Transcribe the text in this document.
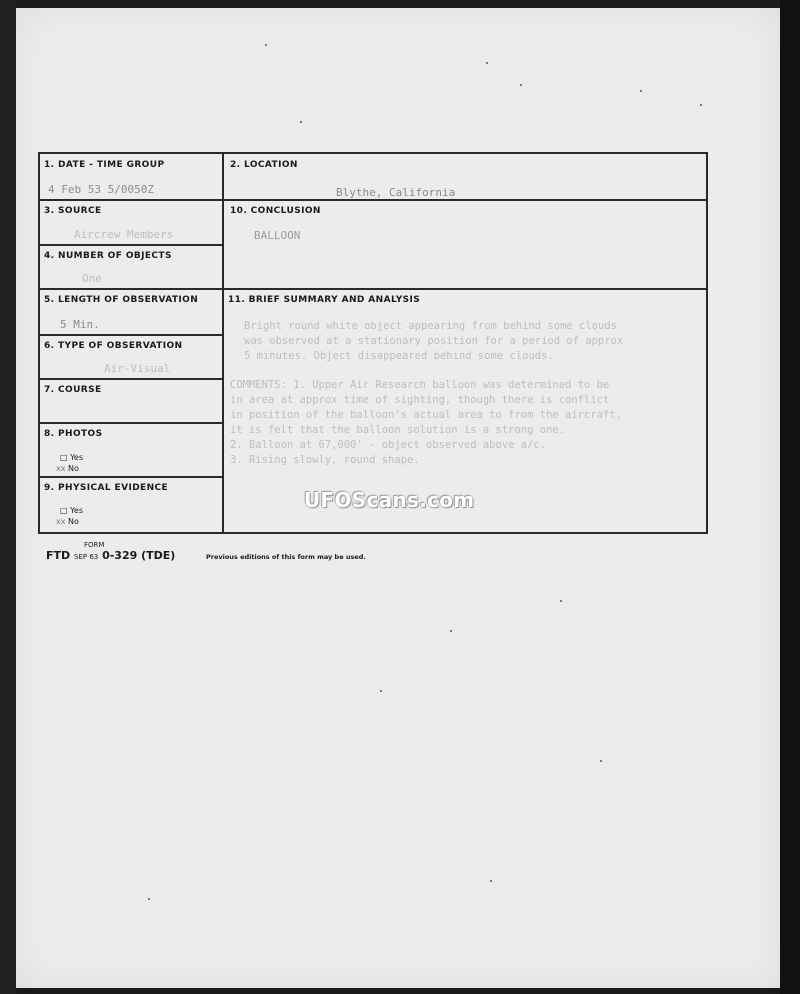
1. DATE - TIME GROUP
4 Feb 53 5/0050Z
2. LOCATION
Blythe, California
3. SOURCE
Aircrew Members
10. CONCLUSION
BALLOON
4. NUMBER OF OBJECTS
One
5. LENGTH OF OBSERVATION
5 Min.
11. BRIEF SUMMARY AND ANALYSIS
Bright round white object appearing from behind some clouds
was observed at a stationary position for a period of approx
5 minutes. Object disappeared behind some clouds.
COMMENTS: 1. Upper Air Research balloon was determined to be
in area at approx time of sighting, though there is conflict
in position of the balloon's actual area to from the aircraft,
it is felt that the balloon solution is a strong one.
2. Balloon at 67,000' - object observed above a/c.
3. Rising slowly, round shape.
6. TYPE OF OBSERVATION
Air-Visual
7. COURSE
8. PHOTOS
□ Yes
xx No
9. PHYSICAL EVIDENCE
□ Yes
xx No
FORM
FTD SEP 63 0-329 (TDE)	Previous editions of this form may be used.
UFOScans.com
